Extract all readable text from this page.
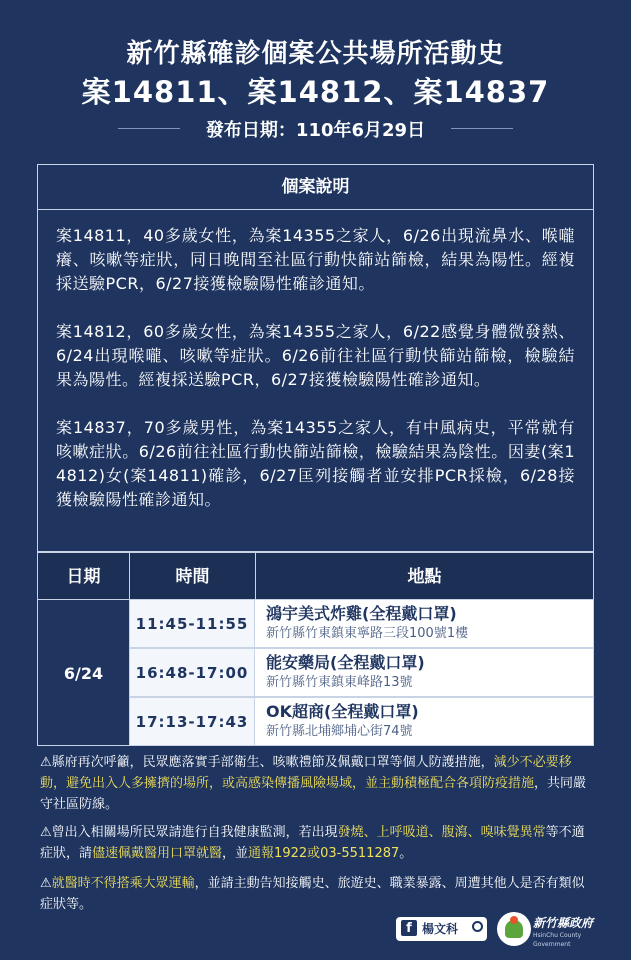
新竹縣確診個案公共場所活動史
案14811、案14812、案14837
發布日期：110年6月29日
個案說明

案14811，40多歲女性，為案14355之家人，6/26出現流鼻水、喉嚨癢、咳嗽等症狀，同日晚間至社區行動快篩站篩檢，結果為陽性。經複採送驗PCR，6/27接獲檢驗陽性確診通知。

案14812，60多歲女性，為案14355之家人，6/22感覺身體微發熱、6/24出現喉嚨、咳嗽等症狀。6/26前往社區行動快篩站篩檢，檢驗結果為陽性。經複採送驗PCR，6/27接獲檢驗陽性確診通知。

案14837，70多歲男性，為案14355之家人，有中風病史，平常就有咳嗽症狀。6/26前往社區行動快篩站篩檢，檢驗結果為陰性。因妻(案14812)女(案14811)確診，6/27匡列接觸者並安排PCR採檢，6/28接獲檢驗陽性確診通知。

日期	時間	地點
6/24
11:45-11:55
鴻宇美式炸雞(全程戴口罩)
新竹縣竹東鎮東寧路三段100號1樓
16:48-17:00
能安藥局(全程戴口罩)
新竹縣竹東鎮東峰路13號
17:13-17:43
OK超商(全程戴口罩)
新竹縣北埔鄉埔心街74號
⚠縣府再次呼籲，民眾應落實手部衛生、咳嗽禮節及佩戴口罩等個人防護措施，減少不必要移動，避免出入人多擁擠的場所，或高感染傳播風險場域，並主動積極配合各項防疫措施，共同嚴守社區防線。
⚠曾出入相關場所民眾請進行自我健康監測，若出現發燒、上呼吸道、腹瀉、嗅味覺異常等不適症狀，請儘速佩戴醫用口罩就醫，並通報1922或03-5511287。
⚠就醫時不得搭乘大眾運輸，並請主動告知接觸史、旅遊史、職業暴露、周遭其他人是否有類似症狀等。
f 楊文科	新竹縣政府
HsinChu County Government
